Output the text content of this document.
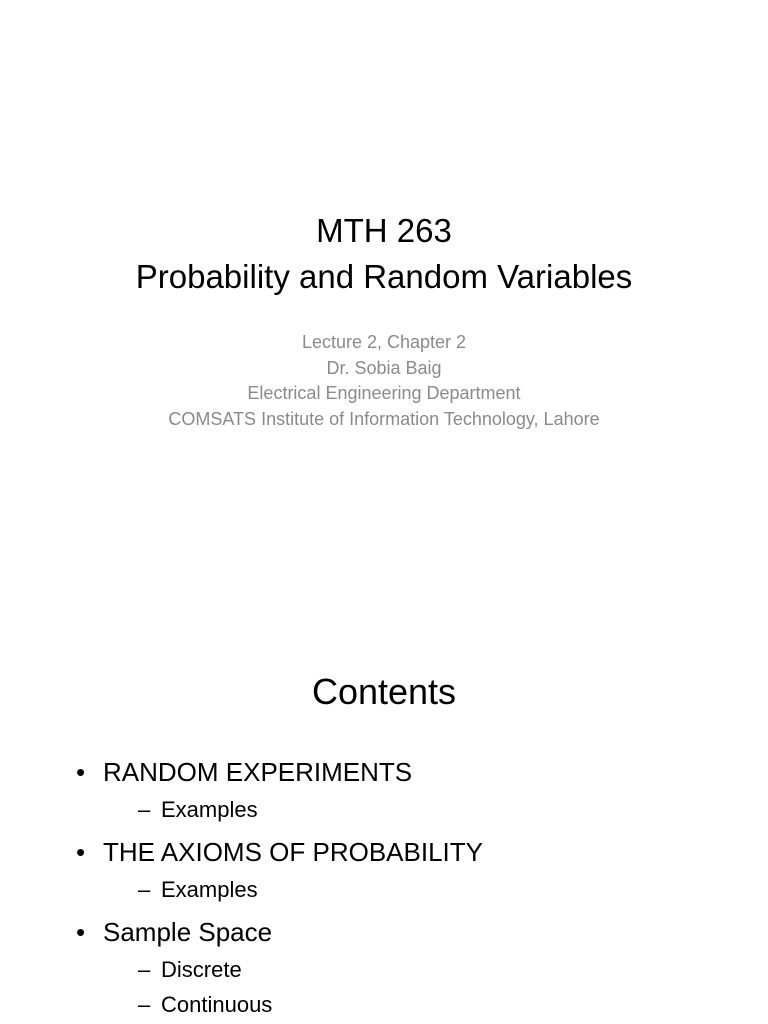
MTH 263
Probability and Random Variables
Lecture 2, Chapter 2
Dr. Sobia Baig
Electrical Engineering Department
COMSATS Institute of Information Technology, Lahore
Contents
• RANDOM EXPERIMENTS
– Examples
• THE AXIOMS OF PROBABILITY
– Examples
• Sample Space
– Discrete
– Continuous
